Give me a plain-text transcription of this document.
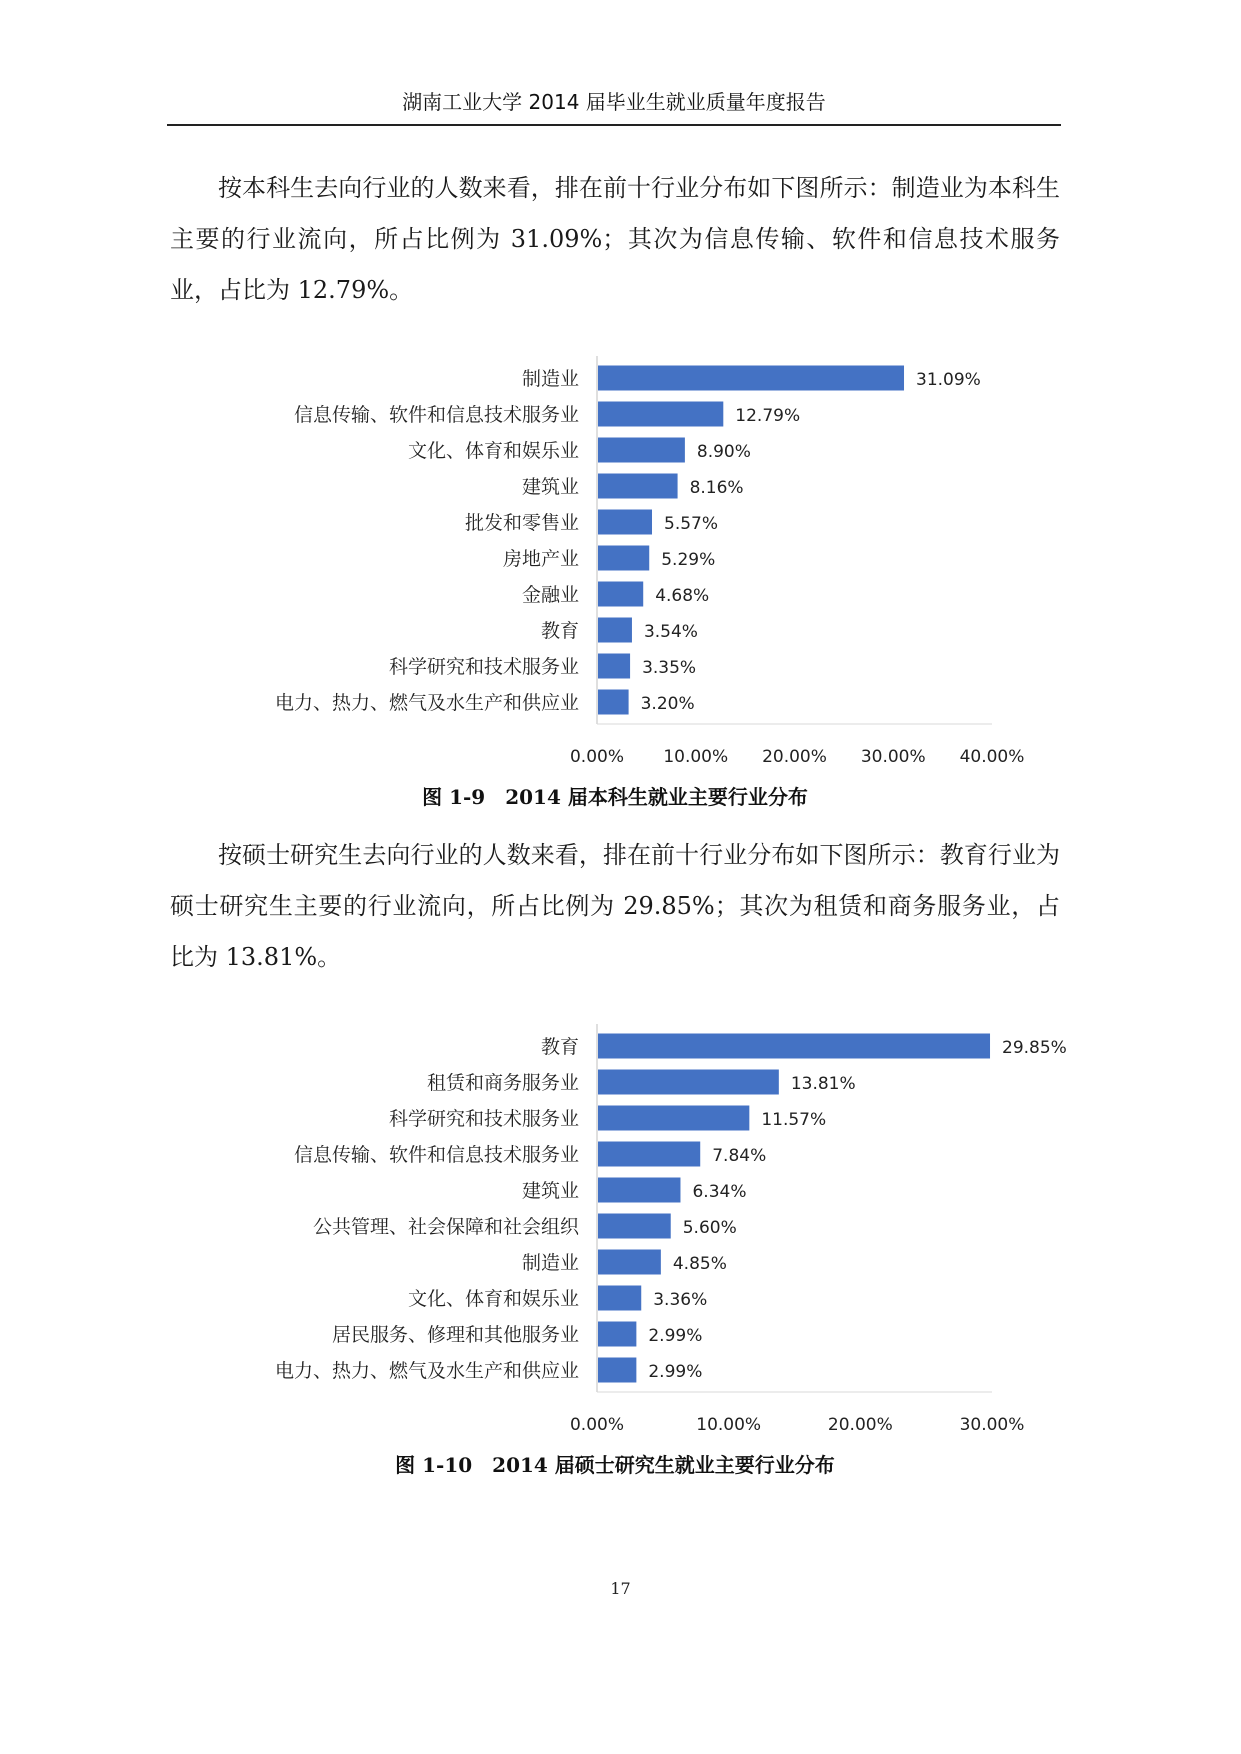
湖南工业大学 2014 届毕业生就业质量年度报告

按本科生去向行业的人数来看，排在前十行业分布如下图所示：制造业为本科生主要的行业流向，所占比例为 31.09%；其次为信息传输、软件和信息技术服务业，占比为 12.79%。

制造业	31.09%
信息传输、软件和信息技术服务业	12.79%
文化、体育和娱乐业	8.90%
建筑业	8.16%
批发和零售业	5.57%
房地产业	5.29%
金融业	4.68%
教育	3.54%
科学研究和技术服务业	3.35%
电力、热力、燃气及水生产和供应业	3.20%
0.00% 10.00% 20.00% 30.00% 40.00%
图 1-9　2014 届本科生就业主要行业分布

按硕士研究生去向行业的人数来看，排在前十行业分布如下图所示：教育行业为硕士研究生主要的行业流向，所占比例为 29.85%；其次为租赁和商务服务业，占比为 13.81%。

教育	29.85%
租赁和商务服务业	13.81%
科学研究和技术服务业	11.57%
信息传输、软件和信息技术服务业	7.84%
建筑业	6.34%
公共管理、社会保障和社会组织	5.60%
制造业	4.85%
文化、体育和娱乐业	3.36%
居民服务、修理和其他服务业	2.99%
电力、热力、燃气及水生产和供应业	2.99%
0.00%	10.00%	20.00%	30.00%
图 1-10　2014 届硕士研究生就业主要行业分布
17
